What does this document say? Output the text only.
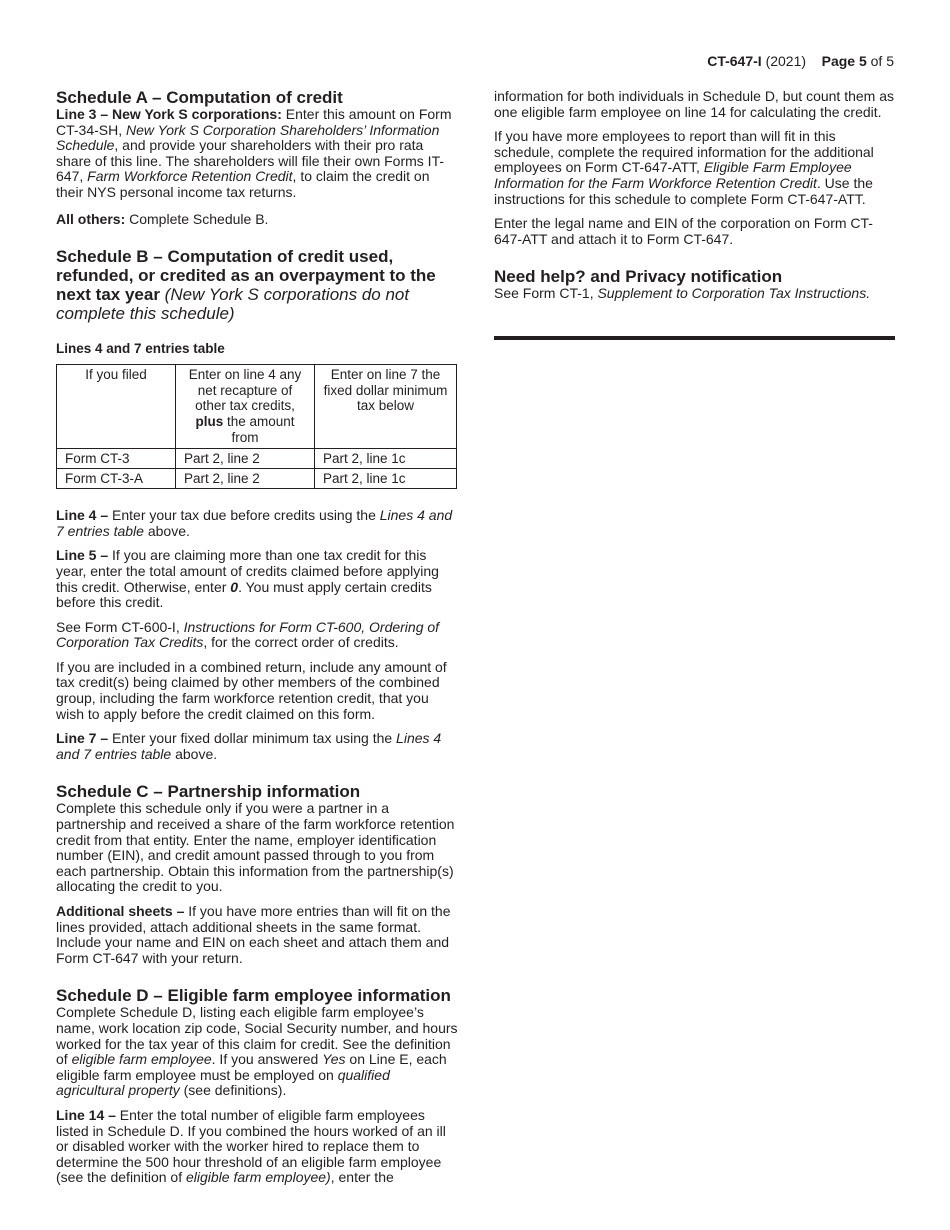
CT-647-I (2021) Page 5 of 5
Schedule A – Computation of credit

Line 3 – New York S corporations: Enter this amount on Form CT-34-SH, New York S Corporation Shareholders’ Information Schedule, and provide your shareholders with their pro rata share of this line. The shareholders will file their own Forms IT-647, Farm Workforce Retention Credit, to claim the credit on their NYS personal income tax returns.

All others: Complete Schedule B.

Schedule B – Computation of credit used, refunded, or credited as an overpayment to the next tax year (New York S corporations do not complete this schedule)
Lines 4 and 7 entries table
If you filed	Enter on line 4 any net recapture of other tax credits, plus the amount from	Enter on line 7 the fixed dollar minimum tax below
Form CT-3	Part 2, line 2	Part 2, line 1c
Form CT-3-A	Part 2, line 2	Part 2, line 1c

Line 4 – Enter your tax due before credits using the Lines 4 and 7 entries table above.

Line 5 – If you are claiming more than one tax credit for this year, enter the total amount of credits claimed before applying this credit. Otherwise, enter 0. You must apply certain credits before this credit.

See Form CT-600-I, Instructions for Form CT-600, Ordering of Corporation Tax Credits, for the correct order of credits.

If you are included in a combined return, include any amount of tax credit(s) being claimed by other members of the combined group, including the farm workforce retention credit, that you wish to apply before the credit claimed on this form.

Line 7 – Enter your fixed dollar minimum tax using the Lines 4 and 7 entries table above.

Schedule C – Partnership information

Complete this schedule only if you were a partner in a partnership and received a share of the farm workforce retention credit from that entity. Enter the name, employer identification number (EIN), and credit amount passed through to you from each partnership. Obtain this information from the partnership(s) allocating the credit to you.

Additional sheets – If you have more entries than will fit on the lines provided, attach additional sheets in the same format. Include your name and EIN on each sheet and attach them and Form CT-647 with your return.

Schedule D – Eligible farm employee information

Complete Schedule D, listing each eligible farm employee’s name, work location zip code, Social Security number, and hours worked for the tax year of this claim for credit. See the definition of eligible farm employee. If you answered Yes on Line E, each eligible farm employee must be employed on qualified agricultural property (see definitions).

Line 14 – Enter the total number of eligible farm employees listed in Schedule D. If you combined the hours worked of an ill or disabled worker with the worker hired to replace them to determine the 500 hour threshold of an eligible farm employee (see the definition of eligible farm employee), enter the

information for both individuals in Schedule D, but count them as one eligible farm employee on line 14 for calculating the credit.

If you have more employees to report than will fit in this schedule, complete the required information for the additional employees on Form CT-647-ATT, Eligible Farm Employee Information for the Farm Workforce Retention Credit. Use the instructions for this schedule to complete Form CT-647-ATT.

Enter the legal name and EIN of the corporation on Form CT-647-ATT and attach it to Form CT-647.

Need help? and Privacy notification

See Form CT-1, Supplement to Corporation Tax Instructions.
